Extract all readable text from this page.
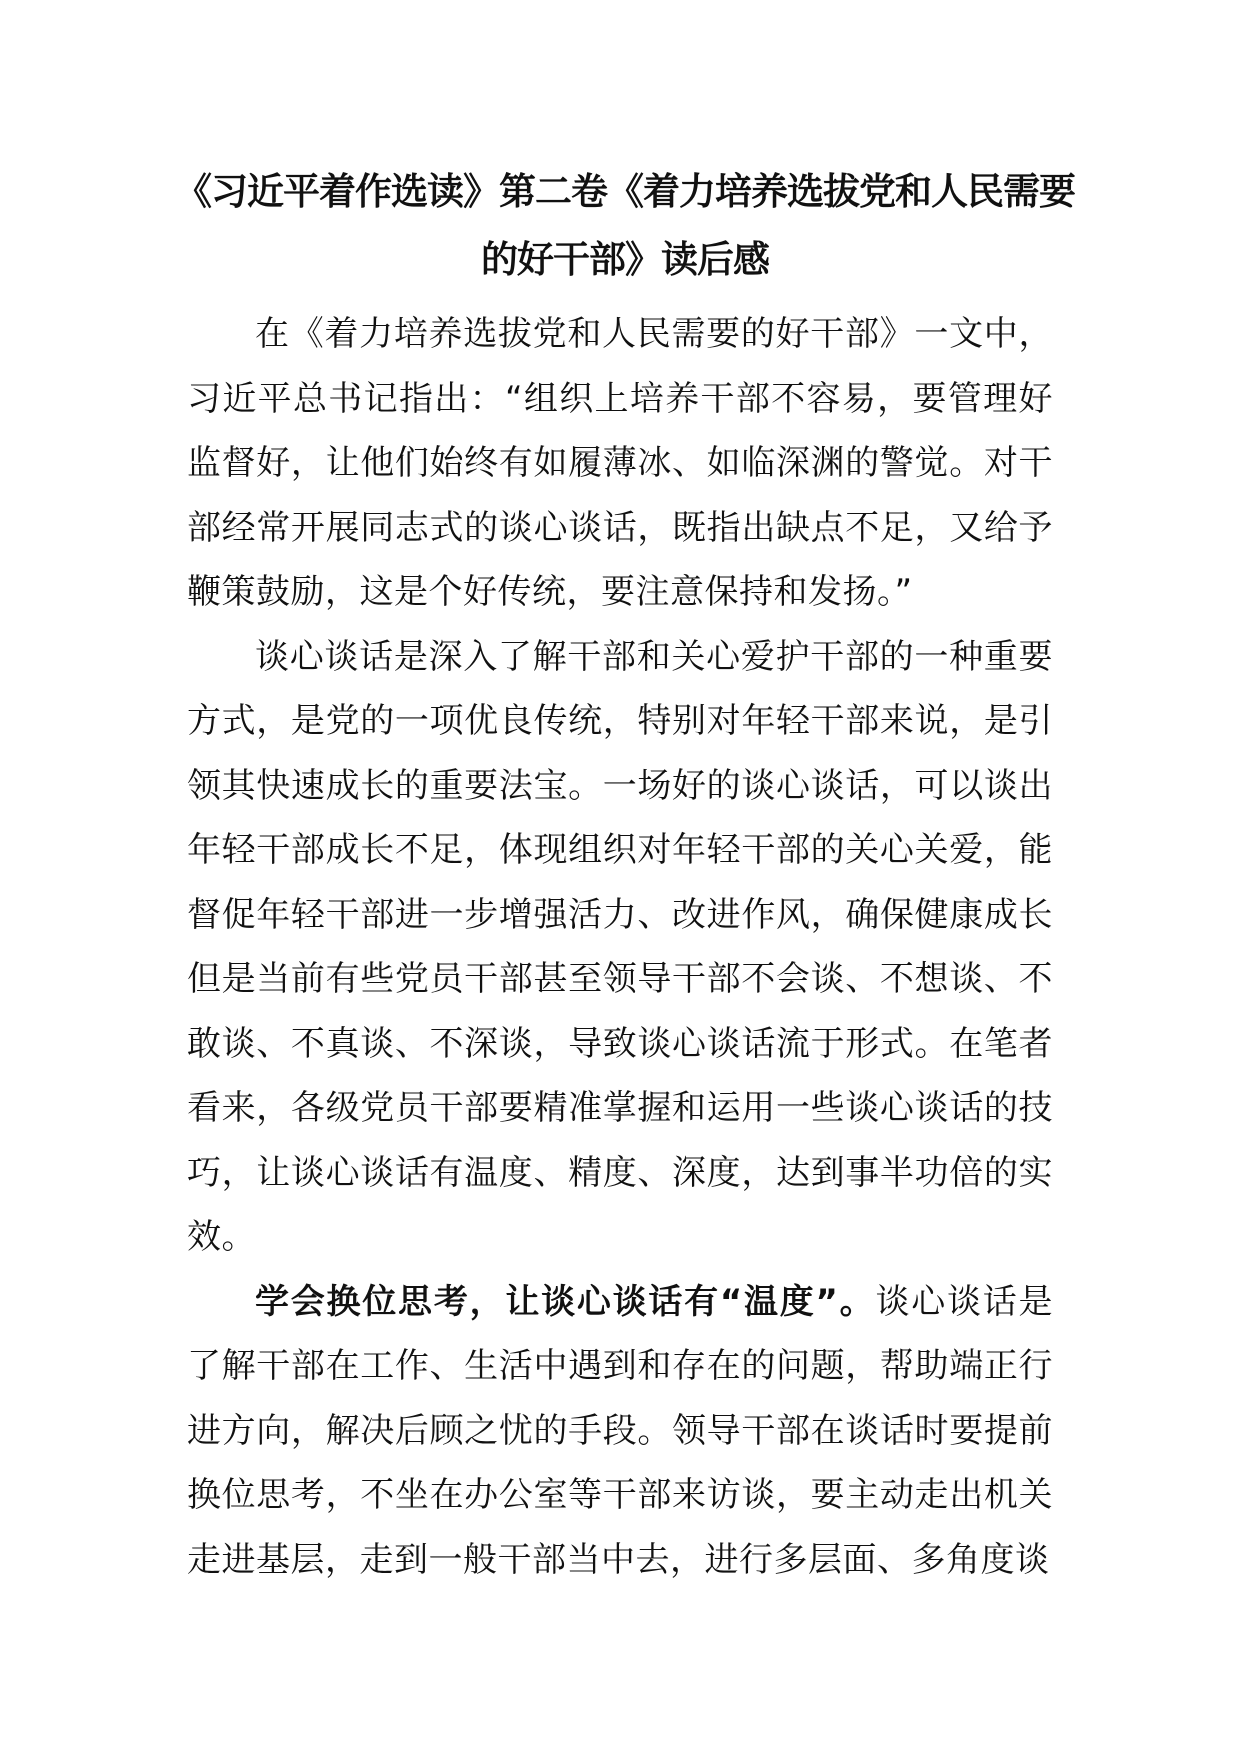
《习近平着作选读》第二卷《着力培养选拔党和人民需要
的好干部》读后感

在《着力培养选拔党和人民需要的好干部》一文中，习近平总书记指出：“组织上培养干部不容易，要管理好监督好，让他们始终有如履薄冰、如临深渊的警觉。对干部经常开展同志式的谈心谈话，既指出缺点不足，又给予鞭策鼓励，这是个好传统，要注意保持和发扬。”

谈心谈话是深入了解干部和关心爱护干部的一种重要方式，是党的一项优良传统，特别对年轻干部来说，是引领其快速成长的重要法宝。一场好的谈心谈话，可以谈出年轻干部成长不足，体现组织对年轻干部的关心关爱，能督促年轻干部进一步增强活力、改进作风，确保健康成长但是当前有些党员干部甚至领导干部不会谈、不想谈、不敢谈、不真谈、不深谈，导致谈心谈话流于形式。在笔者看来，各级党员干部要精准掌握和运用一些谈心谈话的技巧，让谈心谈话有温度、精度、深度，达到事半功倍的实效。

学会换位思考，让谈心谈话有“温度”。谈心谈话是了解干部在工作、生活中遇到和存在的问题，帮助端正行进方向，解决后顾之忧的手段。领导干部在谈话时要提前换位思考，不坐在办公室等干部来访谈，要主动走出机关走进基层，走到一般干部当中去，进行多层面、多角度谈
